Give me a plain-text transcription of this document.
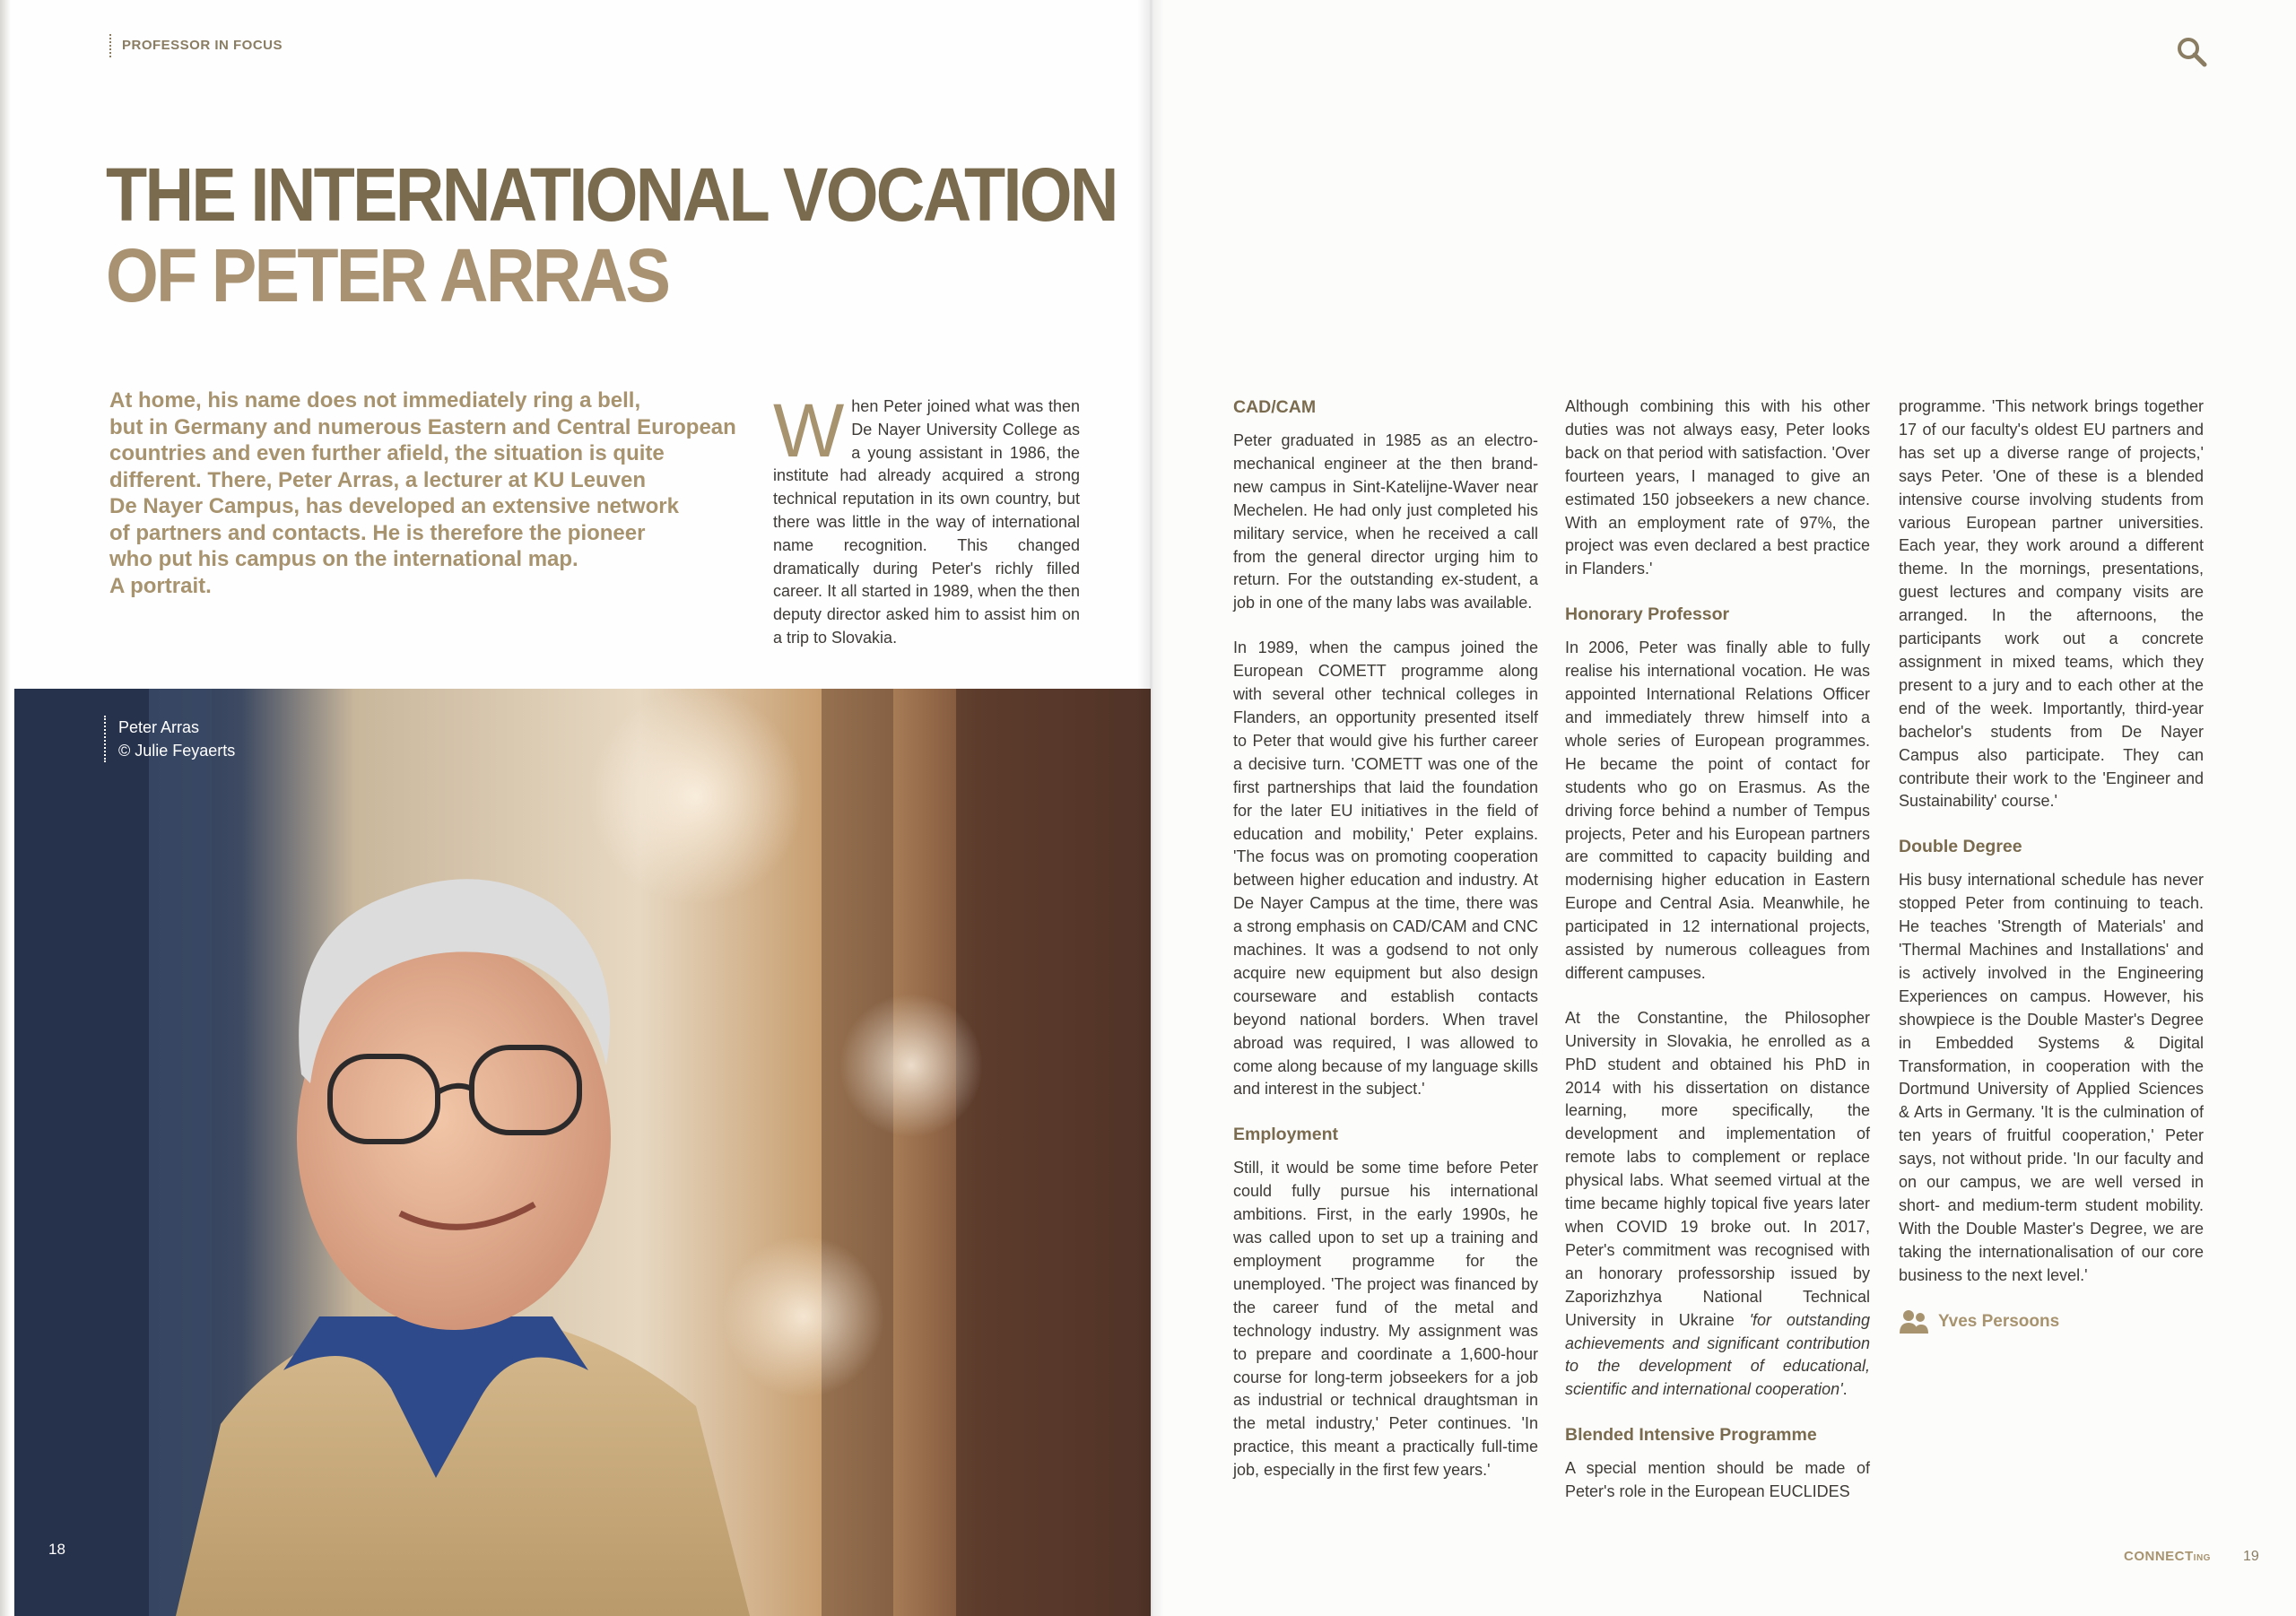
PROFESSOR IN FOCUS
THE INTERNATIONAL VOCATION
OF PETER ARRAS
At home, his name does not immediately ring a bell,
but in Germany and numerous Eastern and Central European
countries and even further afield, the situation is quite
different. There, Peter Arras, a lecturer at KU Leuven
De Nayer Campus, has developed an extensive network
of partners and contacts. He is therefore the pioneer
who put his campus on the international map.
A portrait.
When Peter joined what was then De Nayer University College as a young assistant in 1986, the institute had already acquired a strong technical reputation in its own country, but there was little in the way of international name recognition. This changed dramatically during Peter's richly filled career. It all started in 1989, when the then deputy director asked him to assist him on a trip to Slovakia.
Peter Arras
© Julie Feyaerts
18
CAD/CAM

Peter graduated in 1985 as an electro-mechanical engineer at the then brand-new campus in Sint-Katelijne-Waver near Mechelen. He had only just completed his military service, when he received a call from the general director urging him to return. For the outstanding ex-student, a job in one of the many labs was available.

In 1989, when the campus joined the European COMETT programme along with several other technical colleges in Flanders, an opportunity presented itself to Peter that would give his further career a decisive turn. 'COMETT was one of the first partnerships that laid the foundation for the later EU initiatives in the field of education and mobility,' Peter explains. 'The focus was on promoting cooperation between higher education and industry. At De Nayer Campus at the time, there was a strong emphasis on CAD/CAM and CNC machines. It was a godsend to not only acquire new equipment but also design courseware and establish contacts beyond national borders. When travel abroad was required, I was allowed to come along because of my language skills and interest in the subject.'

Employment

Still, it would be some time before Peter could fully pursue his international ambitions. First, in the early 1990s, he was called upon to set up a training and employment programme for the unemployed. 'The project was financed by the career fund of the metal and technology industry. My assignment was to prepare and coordinate a 1,600-hour course for long-term jobseekers for a job as industrial or technical draughtsman in the metal industry,' Peter continues. 'In practice, this meant a practically full-time job, especially in the first few years.'

Although combining this with his other duties was not always easy, Peter looks back on that period with satisfaction. 'Over fourteen years, I managed to give an estimated 150 jobseekers a new chance. With an employment rate of 97%, the project was even declared a best practice in Flanders.'

Honorary Professor

In 2006, Peter was finally able to fully realise his international vocation. He was appointed International Relations Officer and immediately threw himself into a whole series of European programmes. He became the point of contact for students who go on Erasmus. As the driving force behind a number of Tempus projects, Peter and his European partners are committed to capacity building and modernising higher education in Eastern Europe and Central Asia. Meanwhile, he participated in 12 international projects, assisted by numerous colleagues from different campuses.

At the Constantine, the Philosopher University in Slovakia, he enrolled as a PhD student and obtained his PhD in 2014 with his dissertation on distance learning, more specifically, the development and implementation of remote labs to complement or replace physical labs. What seemed virtual at the time became highly topical five years later when COVID 19 broke out. In 2017, Peter's commitment was recognised with an honorary professorship issued by Zaporizhzhya National Technical University in Ukraine 'for outstanding achievements and significant contribution to the development of educational, scientific and international cooperation'.

Blended Intensive Programme

A special mention should be made of Peter's role in the European EUCLIDES

programme. 'This network brings together 17 of our faculty's oldest EU partners and has set up a diverse range of projects,' says Peter. 'One of these is a blended intensive course involving students from various European partner universities. Each year, they work around a different theme. In the mornings, presentations, guest lectures and company visits are arranged. In the afternoons, the participants work out a concrete assignment in mixed teams, which they present to a jury and to each other at the end of the week. Importantly, third-year bachelor's students from De Nayer Campus also participate. They can contribute their work to the 'Engineer and Sustainability' course.'

Double Degree

His busy international schedule has never stopped Peter from continuing to teach. He teaches 'Strength of Materials' and 'Thermal Machines and Installations' and is actively involved in the Engineering Experiences on campus. However, his showpiece is the Double Master's Degree in Embedded Systems & Digital Transformation, in cooperation with the Dortmund University of Applied Sciences & Arts in Germany. 'It is the culmination of ten years of fruitful cooperation,' Peter says, not without pride. 'In our faculty and on our campus, we are well versed in short- and medium-term student mobility. With the Double Master's Degree, we are taking the internationalisation of our core business to the next level.'

Yves Persoons
CONNECTING 19
